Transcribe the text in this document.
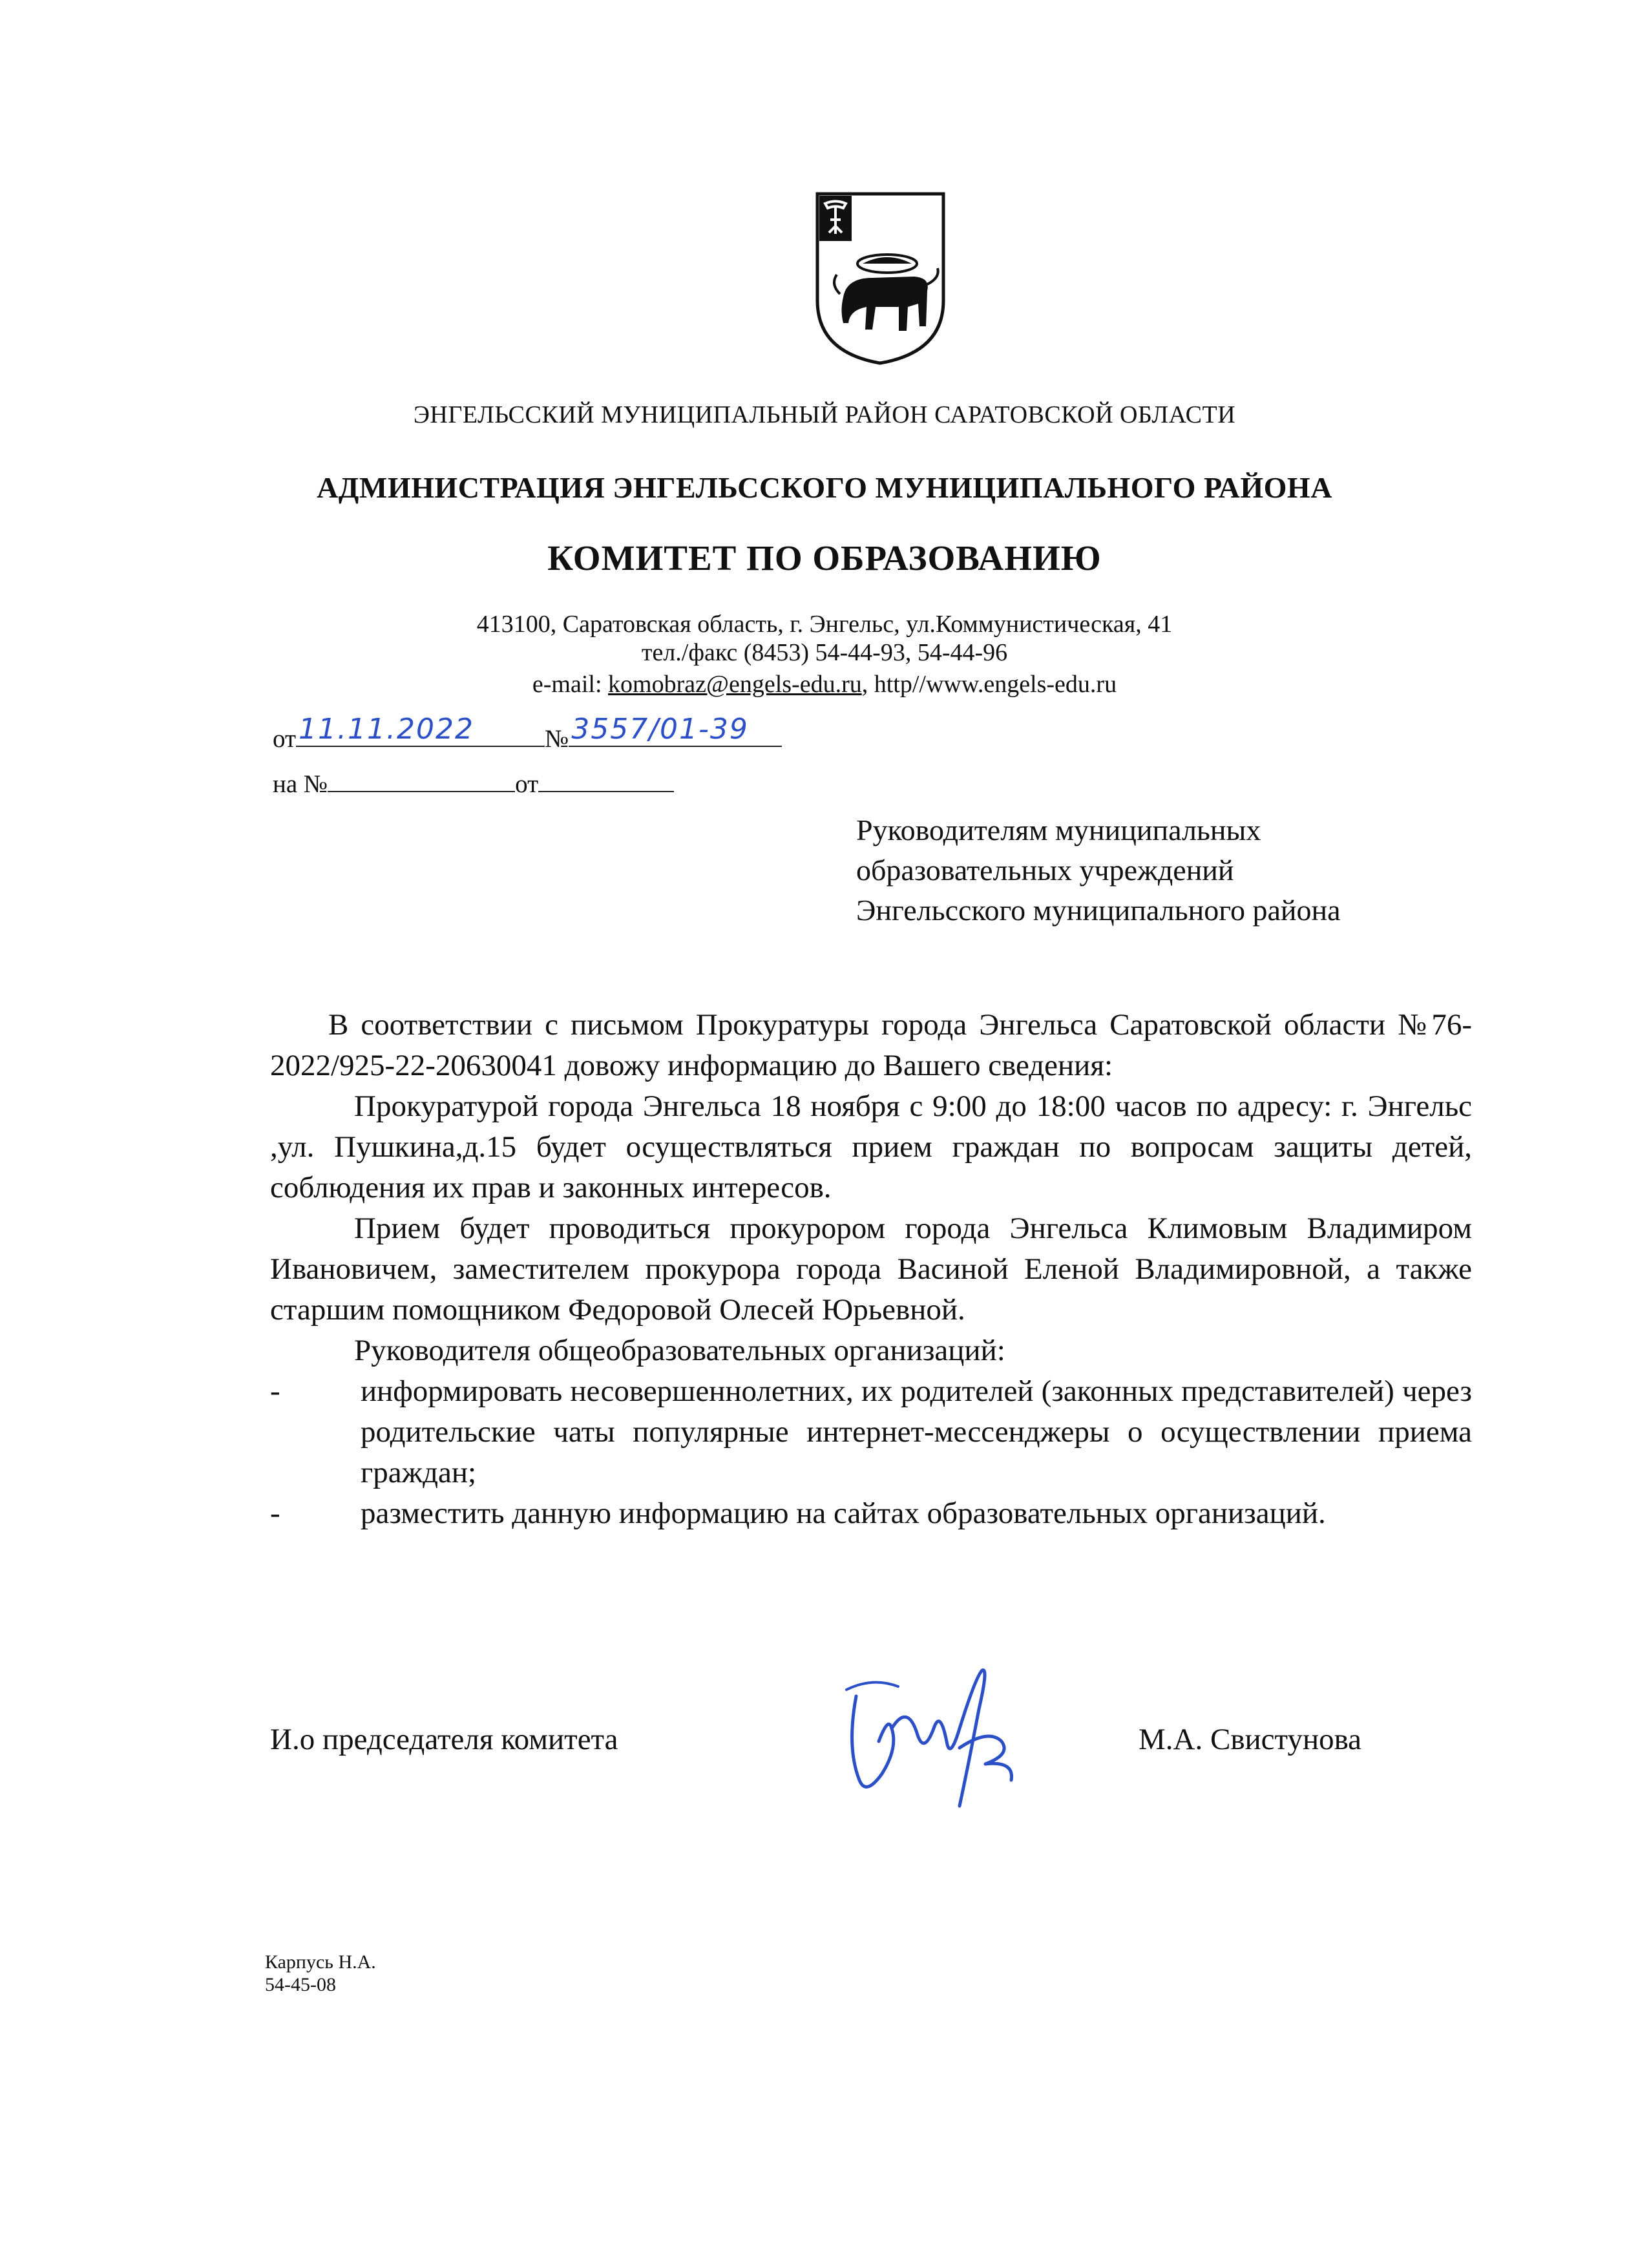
ЭНГЕЛЬССКИЙ МУНИЦИПАЛЬНЫЙ РАЙОН САРАТОВСКОЙ ОБЛАСТИ
АДМИНИСТРАЦИЯ ЭНГЕЛЬССКОГО МУНИЦИПАЛЬНОГО РАЙОНА
КОМИТЕТ ПО ОБРАЗОВАНИЮ
413100, Саратовская область, г. Энгельс, ул.Коммунистическая, 41
тел./факс (8453) 54-44-93, 54-44-96
e-mail: komobraz@engels-edu.ru, http//www.engels-edu.ru
от 11.11.2022	№ 3557/01-39
на №	от
Руководителям муниципальных
образовательных учреждений
Энгельсского муниципального района

В соответствии с письмом Прокуратуры города Энгельса Саратовской области №76-2022/925-22-20630041 довожу информацию до Вашего сведения:

Прокуратурой города Энгельса 18 ноября с 9:00 до 18:00 часов по адресу: г. Энгельс ,ул. Пушкина,д.15 будет осуществляться прием граждан по вопросам защиты детей, соблюдения их прав и законных интересов.

Прием будет проводиться прокурором города Энгельса Климовым Владимиром Ивановичем, заместителем прокурора города Васиной Еленой Владимировной, а также старшим помощником Федоровой Олесей Юрьевной.

Руководителя общеобразовательных организаций:

-	информировать несовершеннолетних, их родителей (законных представителей) через родительские чаты популярные интернет-мессенджеры о осуществлении приема граждан;
-	разместить данную информацию на сайтах образовательных организаций.
И.о председателя комитета	М.А. Свистунова
Карпусь Н.А.
54-45-08
